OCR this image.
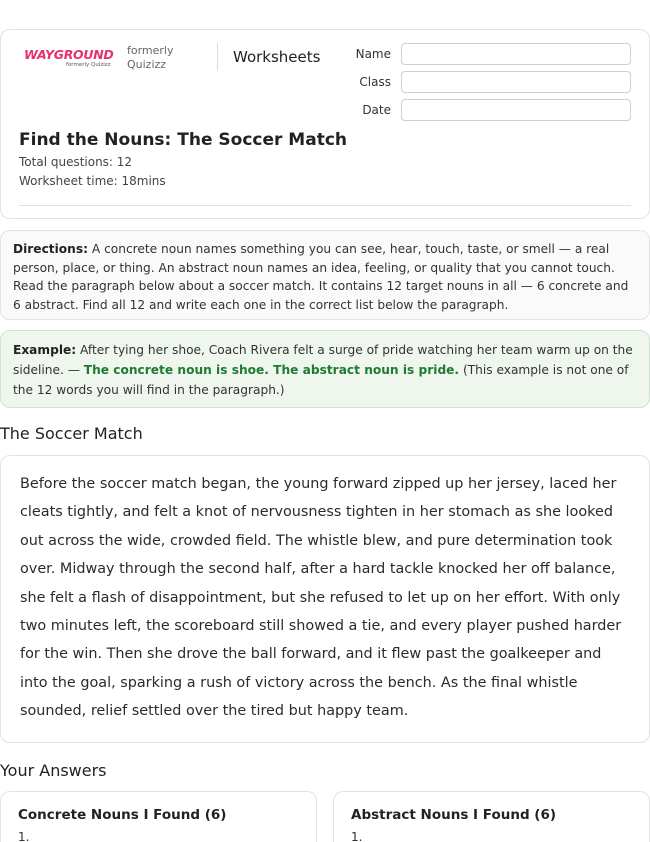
WAYGROUND
formerly Quizizz
formerly
Quizizz	Worksheets	Name
Class
Date
Find the Nouns: The Soccer Match
Total questions: 12
Worksheet time: 18mins
Directions: A concrete noun names something you can see, hear, touch, taste, or smell — a real person, place, or thing. An abstract noun names an idea, feeling, or quality that you cannot touch. Read the paragraph below about a soccer match. It contains 12 target nouns in all — 6 concrete and 6 abstract. Find all 12 and write each one in the correct list below the paragraph.
Example: After tying her shoe, Coach Rivera felt a surge of pride watching her team warm up on the sideline. — The concrete noun is shoe. The abstract noun is pride. (This example is not one of the 12 words you will find in the paragraph.)
The Soccer Match
Before the soccer match began, the young forward zipped up her jersey, laced her cleats tightly, and felt a knot of nervousness tighten in her stomach as she looked out across the wide, crowded field. The whistle blew, and pure determination took over. Midway through the second half, after a hard tackle knocked her off balance, she felt a flash of disappointment, but she refused to let up on her effort. With only two minutes left, the scoreboard still showed a tie, and every player pushed harder for the win. Then she drove the ball forward, and it flew past the goalkeeper and into the goal, sparking a rush of victory across the bench. As the final whistle sounded, relief settled over the tired but happy team.
Your Answers
Concrete Nouns I Found (6)
1.
Abstract Nouns I Found (6)
1.
